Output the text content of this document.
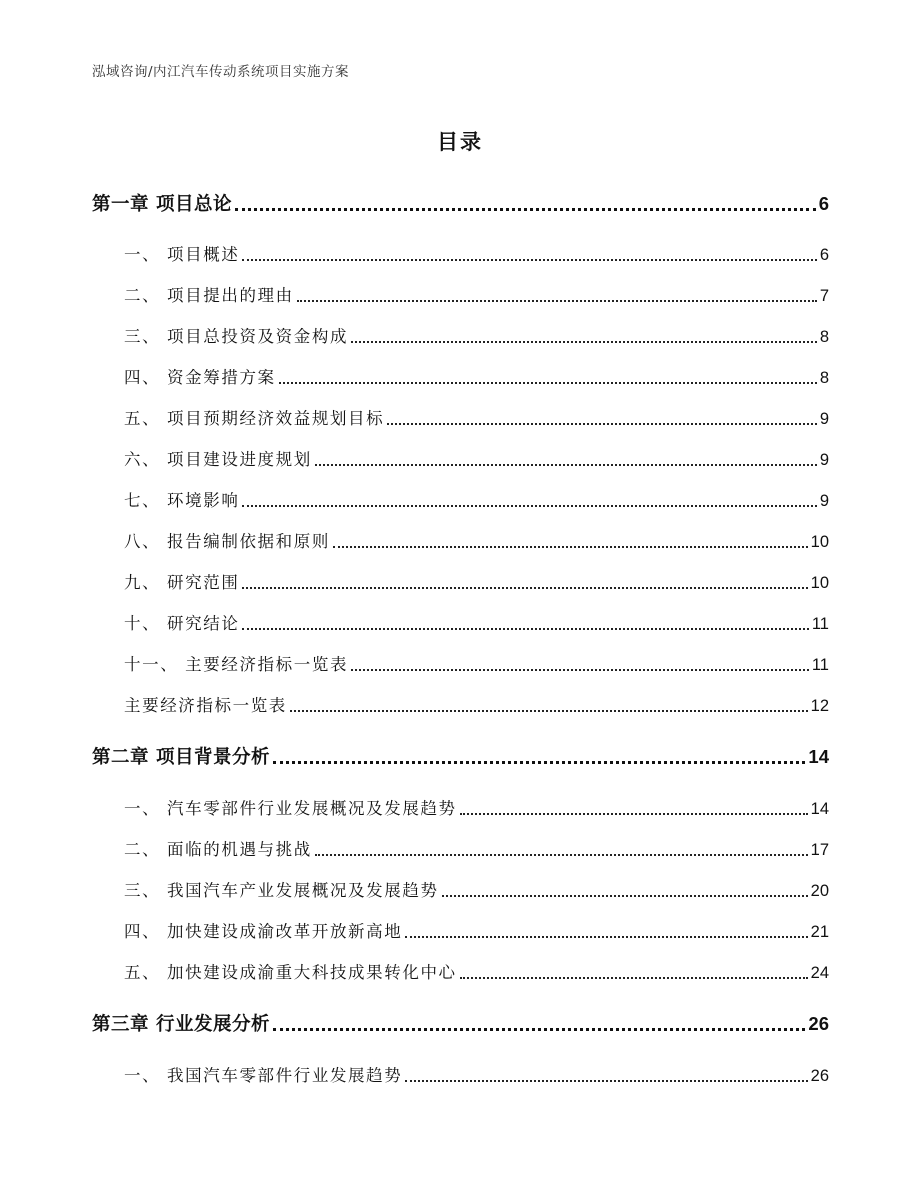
泓域咨询/内江汽车传动系统项目实施方案
目录
第一章 项目总论	6
一、 项目概述	6
二、 项目提出的理由	7
三、 项目总投资及资金构成	8
四、 资金筹措方案	8
五、 项目预期经济效益规划目标	9
六、 项目建设进度规划	9
七、 环境影响	9
八、 报告编制依据和原则	10
九、 研究范围	10
十、 研究结论	11
十一、 主要经济指标一览表	11
主要经济指标一览表	12
第二章 项目背景分析	14
一、 汽车零部件行业发展概况及发展趋势	14
二、 面临的机遇与挑战	17
三、 我国汽车产业发展概况及发展趋势	20
四、 加快建设成渝改革开放新高地	21
五、 加快建设成渝重大科技成果转化中心	24
第三章 行业发展分析	26
一、 我国汽车零部件行业发展趋势	26
